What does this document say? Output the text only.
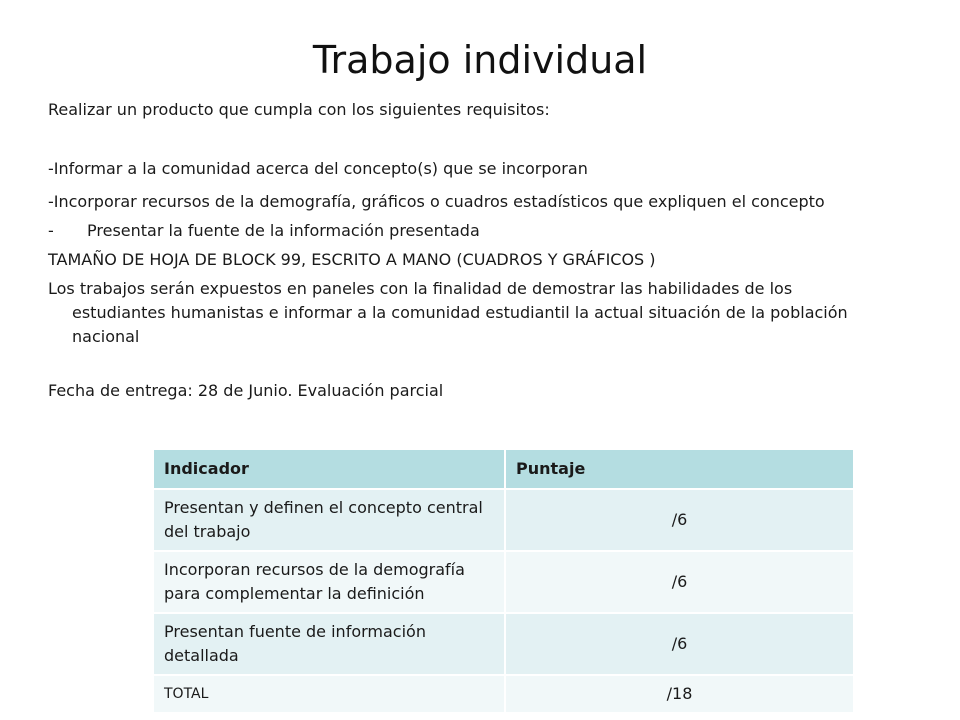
Trabajo individual

Realizar un producto que cumpla con los siguientes requisitos:

-Informar a la comunidad acerca del concepto(s) que se incorporan

-Incorporar recursos de la demografía, gráficos o cuadros estadísticos que expliquen el concepto

-	Presentar la fuente de la información presentada

TAMAÑO DE HOJA DE BLOCK 99, ESCRITO A MANO (CUADROS Y GRÁFICOS )

Los trabajos serán expuestos en paneles con la finalidad de demostrar las habilidades de los estudiantes humanistas e informar a la comunidad estudiantil la actual situación de la población nacional

Fecha de entrega: 28 de Junio. Evaluación parcial

Indicador	Puntaje
Presentan y definen el concepto central del trabajo	/6
Incorporan recursos de la demografía para complementar la definición	/6
Presentan fuente de información detallada	/6
TOTAL	/18
